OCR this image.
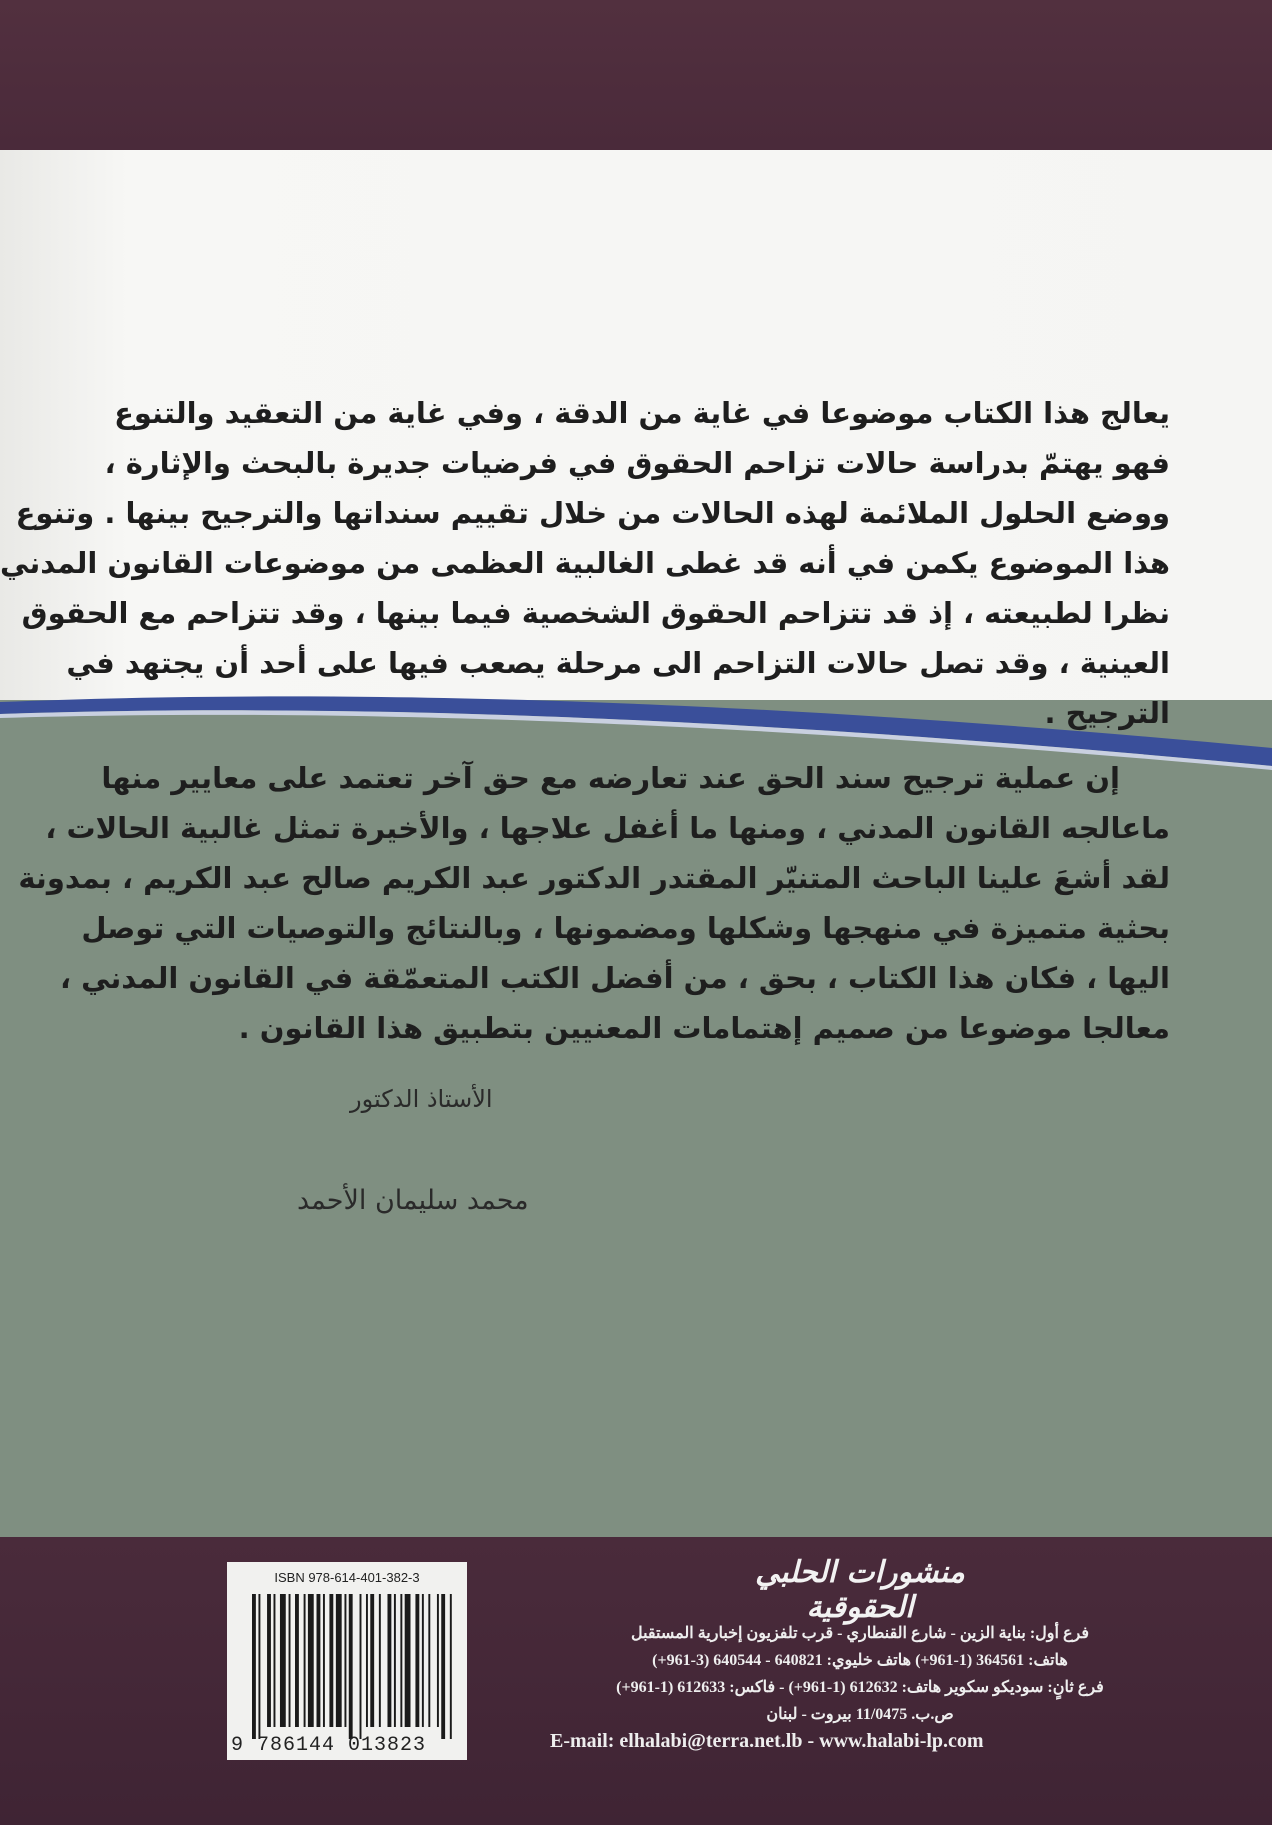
يعالج هذا الكتاب موضوعا في غاية من الدقة ، وفي غاية من التعقيد والتنوع
فهو يهتمّ بدراسة حالات تزاحم الحقوق في فرضيات جديرة بالبحث والإثارة ،
ووضع الحلول الملائمة لهذه الحالات من خلال تقييم سنداتها والترجيح بينها . وتنوع
هذا الموضوع يكمن في أنه قد غطى الغالبية العظمى من موضوعات القانون المدني
نظرا لطبيعته ، إذ قد تتزاحم الحقوق الشخصية فيما بينها ، وقد تتزاحم مع الحقوق
العينية ، وقد تصل حالات التزاحم الى مرحلة يصعب فيها على أحد أن يجتهد في
الترجيح .
إن عملية ترجيح سند الحق عند تعارضه مع حق آخر تعتمد على معايير منها
ماعالجه القانون المدني ، ومنها ما أغفل علاجها ، والأخيرة تمثل غالبية الحالات ،
لقد أشعَ علينا الباحث المتنيّر المقتدر الدكتور عبد الكريم صالح عبد الكريم ، بمدونة
بحثية متميزة في منهجها وشكلها ومضمونها ، وبالنتائج والتوصيات التي توصل
اليها ، فكان هذا الكتاب ، بحق ، من أفضل الكتب المتعمّقة في القانون المدني ،
معالجا موضوعا من صميم إهتمامات المعنيين بتطبيق هذا القانون .
الأستاذ الدكتور
محمد سليمان الأحمد
منشورات الحلبي الحقوقية
فرع أول: بناية الزين - شارع القنطاري - قرب تلفزيون إخبارية المستقبل
هاتف: 364561 (1-961+) هاتف خليوي: 640821 - 640544 (3-961+)
فرع ثانٍ: سوديكو سكوير هاتف: 612632 (1-961+) - فاكس: 612633 (1-961+)
ص.ب. 11/0475 بيروت - لبنان
E-mail: elhalabi@terra.net.lb - www.halabi-lp.com
ISBN 978-614-401-382-3
9 786144 013823
